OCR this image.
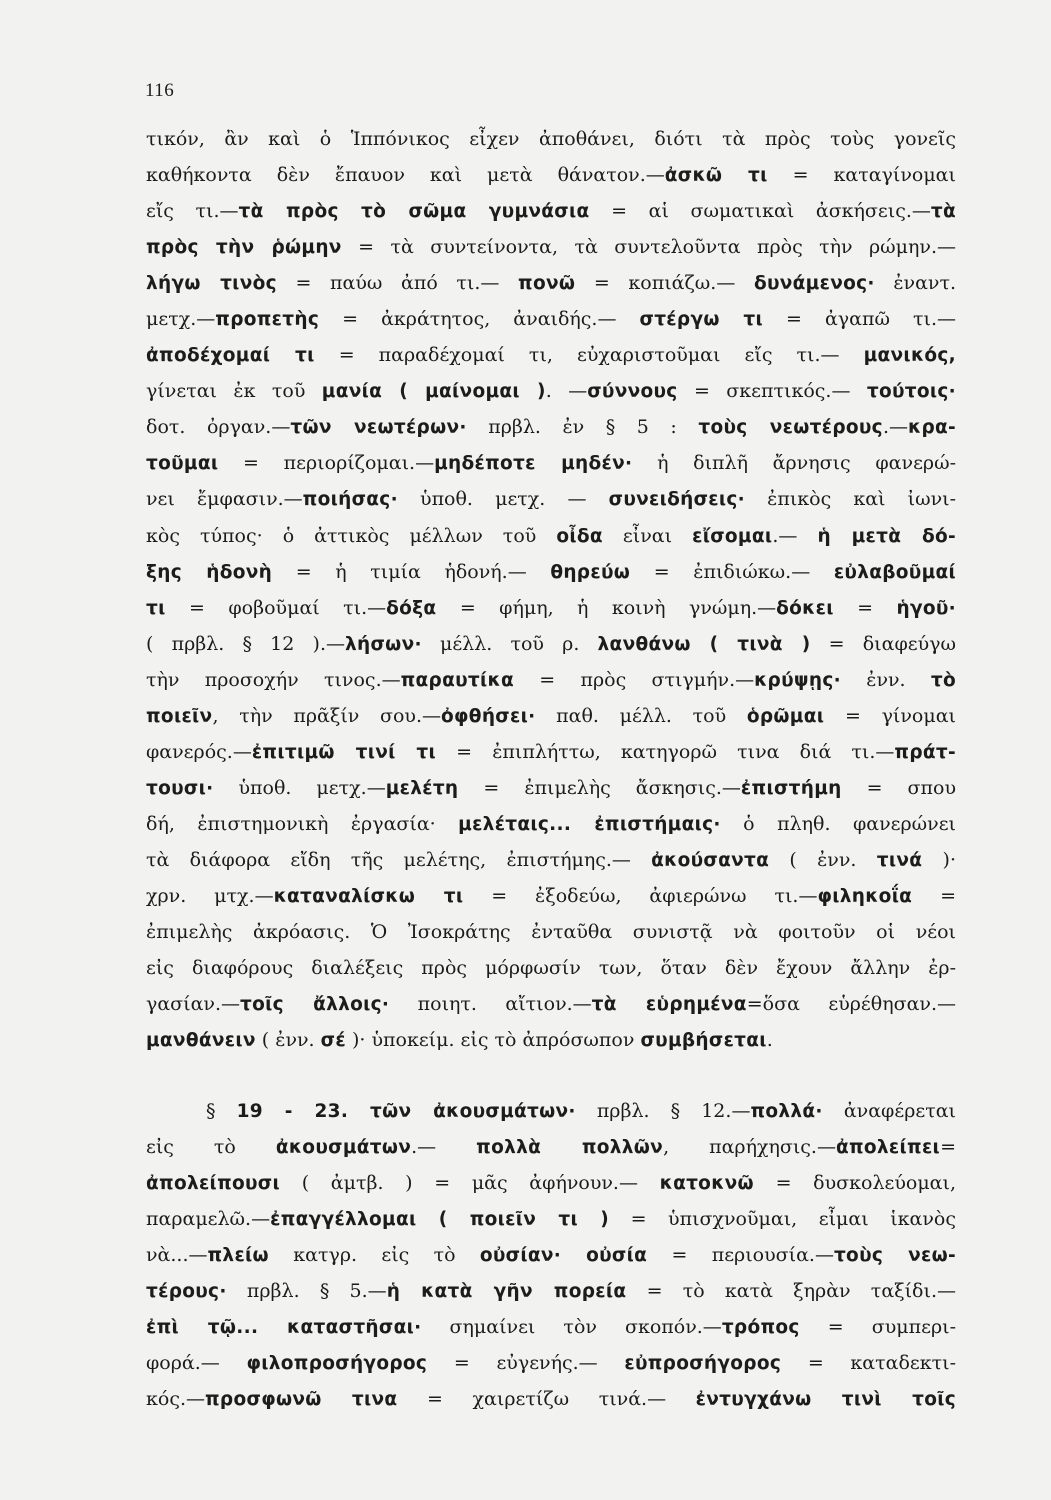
116
τικόν, ἂν καὶ ὁ Ἱππόνικος εἶχεν ἀποθάνει, διότι τὰ πρὸς τοὺς γονεῖς
καθήκοντα δὲν ἔπαυον καὶ μετὰ θάνατον.—ἀσκῶ τι = καταγίνομαι
εἴς τι.—τὰ πρὸς τὸ σῶμα γυμνάσια = αἱ σωματικαὶ ἀσκήσεις.—τὰ
πρὸς τὴν ῥώμην = τὰ συντείνοντα, τὰ συντελοῦντα πρὸς τὴν ρώμην.—
λήγω τινὸς = παύω ἀπό τι.— πονῶ = κοπιάζω.— δυνάμενος· ἐναντ.
μετχ.—προπετὴς = ἀκράτητος, ἀναιδής.— στέργω τι = ἀγαπῶ τι.—
ἀποδέχομαί τι = παραδέχομαί τι, εὐχαριστοῦμαι εἴς τι.— μανικός,
γίνεται ἐκ τοῦ μανία ( μαίνομαι ). —σύννους = σκεπτικός.— τούτοις·
δοτ. ὀργαν.—τῶν νεωτέρων· πρβλ. ἐν § 5 : τοὺς νεωτέρους.—κρα-
τοῦμαι = περιορίζομαι.—μηδέποτε μηδέν· ἡ διπλῆ ἄρνησις φανερώ-
νει ἔμφασιν.—ποιήσας· ὑποθ. μετχ. — συνειδήσεις· ἐπικὸς καὶ ἰωνι-
κὸς τύπος· ὁ ἀττικὸς μέλλων τοῦ οἶδα εἶναι εἴσομαι.— ἡ μετὰ δό-
ξης ἡδονὴ = ἡ τιμία ἡδονή.— θηρεύω = ἐπιδιώκω.— εὐλαβοῦμαί
τι = φοβοῦμαί τι.—δόξα = φήμη, ἡ κοινὴ γνώμη.—δόκει = ἡγοῦ·
( πρβλ. § 12 ).—λήσων· μέλλ. τοῦ ρ. λανθάνω ( τινὰ ) = διαφεύγω
τὴν προσοχήν τινος.—παραυτίκα = πρὸς στιγμήν.—κρύψῃς· ἐνν. τὸ
ποιεῖν, τὴν πρᾶξίν σου.—ὀφθήσει· παθ. μέλλ. τοῦ ὁρῶμαι = γίνομαι
φανερός.—ἐπιτιμῶ τινί τι = ἐπιπλήττω, κατηγορῶ τινα διά τι.—πράτ-
τουσι· ὑποθ. μετχ.—μελέτη = ἐπιμελὴς ἄσκησις.—ἐπιστήμη = σπου
δή, ἐπιστημονικὴ ἐργασία· μελέταις... ἐπιστήμαις· ὁ πληθ. φανερώνει
τὰ διάφορα εἴδη τῆς μελέτης, ἐπιστήμης.— ἀκούσαντα ( ἐνν. τινά )·
χρν. μτχ.—καταναλίσκω τι = ἐξοδεύω, ἀφιερώνω τι.—φιληκοΐα =
ἐπιμελὴς ἀκρόασις. Ὁ Ἰσοκράτης ἐνταῦθα συνιστᾷ νὰ φοιτοῦν οἱ νέοι
εἰς διαφόρους διαλέξεις πρὸς μόρφωσίν των, ὅταν δὲν ἔχουν ἄλλην ἐρ-
γασίαν.—τοῖς ἄλλοις· ποιητ. αἴτιον.—τὰ εὑρημένα=ὅσα εὑρέθησαν.—
μανθάνειν ( ἐνν. σέ )· ὑποκείμ. εἰς τὸ ἀπρόσωπον συμβήσεται.
§ 19 - 23. τῶν ἀκουσμάτων· πρβλ. § 12.—πολλά· ἀναφέρεται
εἰς τὸ ἀκουσμάτων.— πολλὰ πολλῶν, παρήχησις.—ἀπολείπει=
ἀπολείπουσι ( ἀμτβ. ) = μᾶς ἀφήνουν.— κατοκνῶ = δυσκολεύομαι,
παραμελῶ.—ἐπαγγέλλομαι ( ποιεῖν τι ) = ὑπισχνοῦμαι, εἶμαι ἱκανὸς
νὰ...—πλείω κατγρ. εἰς τὸ οὐσίαν· οὐσία = περιουσία.—τοὺς νεω-
τέρους· πρβλ. § 5.—ἡ κατὰ γῆν πορεία = τὸ κατὰ ξηρὰν ταξίδι.—
ἐπὶ τῷ... καταστῆσαι· σημαίνει τὸν σκοπόν.—τρόπος = συμπερι-
φορά.— φιλοπροσήγορος = εὐγενής.— εὐπροσήγορος = καταδεκτι-
κός.—προσφωνῶ τινα = χαιρετίζω τινά.— ἐντυγχάνω τινὶ τοῖς
